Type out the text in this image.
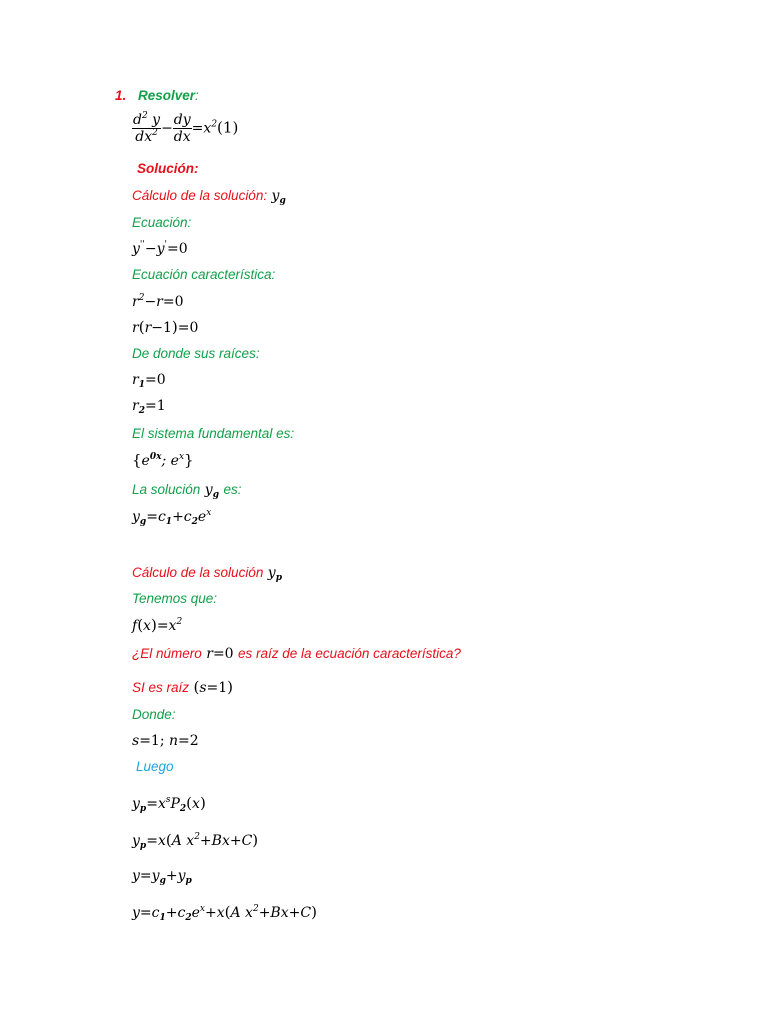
1. Resolver:
$\frac{d^2 y}{dx^2} - \frac{dy}{dx} =x^2(1)$
Solución:
Cálculo de la solución: $y_g$
Ecuación:
y''−y'=0
Ecuación característica:
$r^2-r=0$
r(r−1)=0
De donde sus raíces:
$r_1=0$
$r_2=1$
El sistema fundamental es:
{$e^{0x}$; $e^x$}
La solución $y_g$ es:
$y_g=c_1+c_2e^x$
Cálculo de la solución $y_p$
Tenemos que:
$f(x)=x^2$
¿El número r=0 es raíz de la ecuación característica?
SI es raíz (s=1)
Donde:
s=1; n=2
Luego
$y_p=x^sP_2(x)$
$y_p=x(A$ $x^2+Bx+C$)
$y=y_g+y_p$
$y=c_1+c_2e^x+x(A$ $x^2+Bx+C$)
